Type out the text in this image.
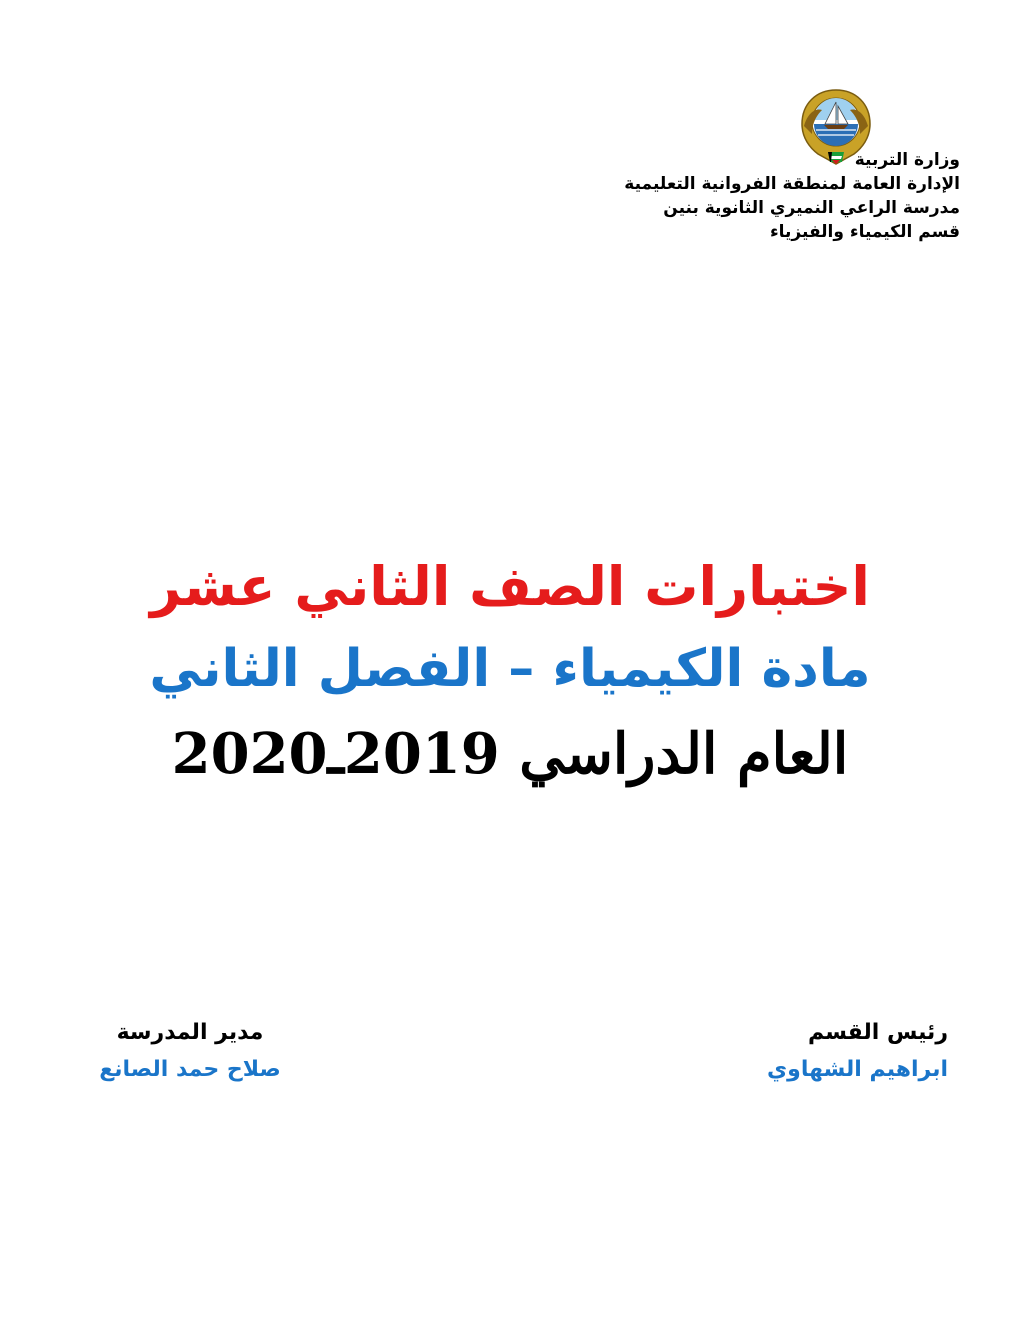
وزارة التربية
الإدارة العامة لمنطقة الفروانية التعليمية
مدرسة الراعي النميري الثانوية بنين
قسم الكيمياء والفيزياء
اختبارات الصف الثاني عشر
مادة الكيمياء – الفصل الثاني
العام الدراسي 2019ـ2020
رئيس القسم
ابراهيم الشهاوي
مدير المدرسة
صلاح حمد الصانع
